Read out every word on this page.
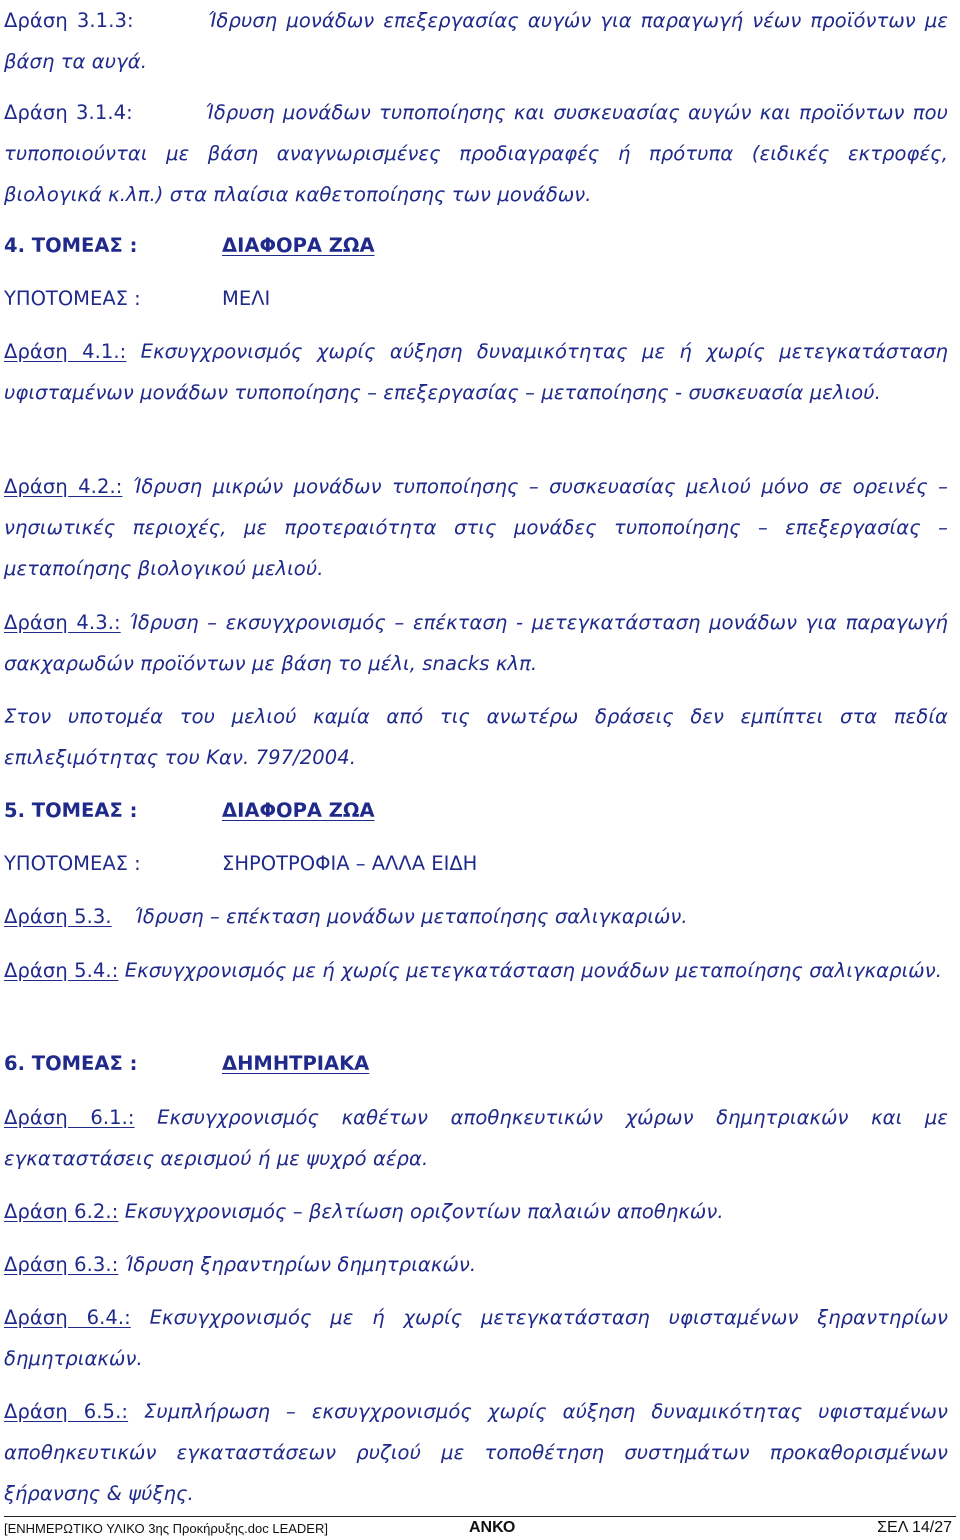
Δράση 3.1.3:	Ίδρυση μονάδων επεξεργασίας αυγών για παραγωγή νέων προϊόντων με βάση τα αυγά.
Δράση 3.1.4:	Ίδρυση μονάδων τυποποίησης και συσκευασίας αυγών και προϊόντων που τυποποιούνται με βάση αναγνωρισμένες προδιαγραφές ή πρότυπα (ειδικές εκτροφές, βιολογικά κ.λπ.) στα πλαίσια καθετοποίησης των μονάδων.
4. ΤΟΜΕΑΣ :	ΔΙΑΦΟΡΑ ΖΩΑ
ΥΠΟΤΟΜΕΑΣ :	ΜΕΛΙ
Δράση 4.1.: Εκσυγχρονισμός χωρίς αύξηση δυναμικότητας με ή χωρίς μετεγκατάσταση υφισταμένων μονάδων τυποποίησης – επεξεργασίας – μεταποίησης - συσκευασία μελιού.
Δράση 4.2.: Ίδρυση μικρών μονάδων τυποποίησης – συσκευασίας μελιού μόνο σε ορεινές – νησιωτικές περιοχές, με προτεραιότητα στις μονάδες τυποποίησης – επεξεργασίας – μεταποίησης βιολογικού μελιού.
Δράση 4.3.: Ίδρυση – εκσυγχρονισμός – επέκταση - μετεγκατάσταση μονάδων για παραγωγή σακχαρωδών προϊόντων με βάση το μέλι, snacks κλπ.
Στον υποτομέα του μελιού καμία από τις ανωτέρω δράσεις δεν εμπίπτει στα πεδία επιλεξιμότητας του Καν. 797/2004.
5. ΤΟΜΕΑΣ :	ΔΙΑΦΟΡΑ ΖΩΑ
ΥΠΟΤΟΜΕΑΣ :	ΣΗΡΟΤΡΟΦΙΑ – ΑΛΛΑ ΕΙΔΗ
Δράση 5.3. Ίδρυση – επέκταση μονάδων μεταποίησης σαλιγκαριών.
Δράση 5.4.: Εκσυγχρονισμός με ή χωρίς μετεγκατάσταση μονάδων μεταποίησης σαλιγκαριών.
6. ΤΟΜΕΑΣ :	ΔΗΜΗΤΡΙΑΚΑ
Δράση 6.1.: Εκσυγχρονισμός καθέτων αποθηκευτικών χώρων δημητριακών και με εγκαταστάσεις αερισμού ή με ψυχρό αέρα.
Δράση 6.2.: Εκσυγχρονισμός – βελτίωση οριζοντίων παλαιών αποθηκών.
Δράση 6.3.: Ίδρυση ξηραντηρίων δημητριακών.
Δράση 6.4.: Εκσυγχρονισμός με ή χωρίς μετεγκατάσταση υφισταμένων ξηραντηρίων δημητριακών.
Δράση 6.5.: Συμπλήρωση – εκσυγχρονισμός χωρίς αύξηση δυναμικότητας υφισταμένων αποθηκευτικών εγκαταστάσεων ρυζιού με τοποθέτηση συστημάτων προκαθορισμένων ξήρανσης & ψύξης.
[ΕΝΗΜΕΡΩΤΙΚΟ ΥΛΙΚΟ 3ης Προκήρυξης.doc LEADER]	ΑΝΚΟ	ΣΕΛ 14/27
